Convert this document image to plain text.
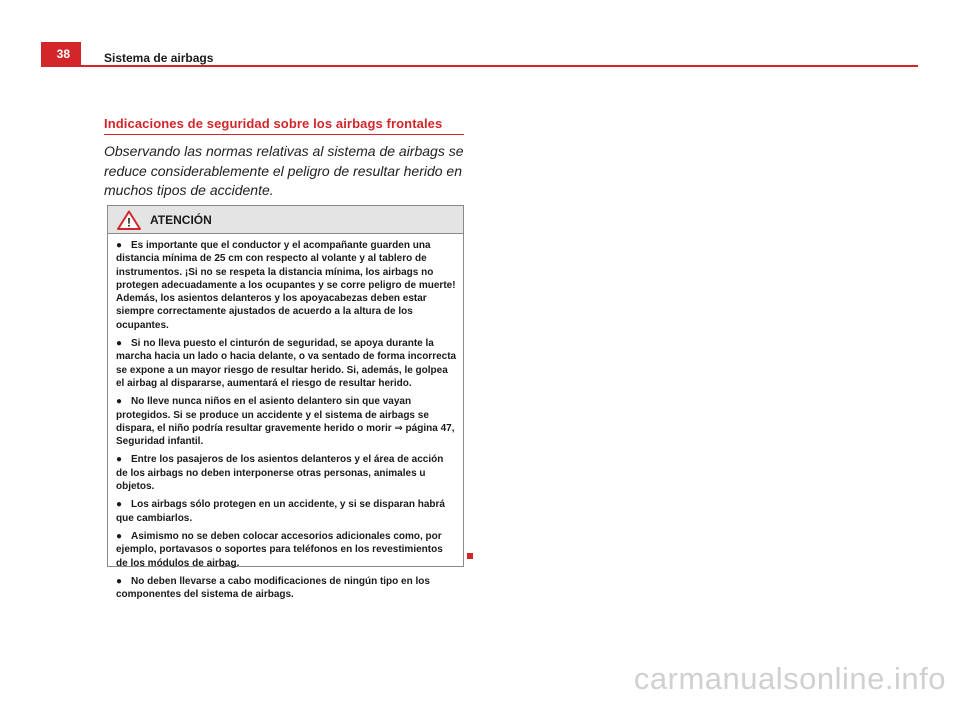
38	Sistema de airbags
Indicaciones de seguridad sobre los airbags frontales

Observando las normas relativas al sistema de airbags se reduce considerablemente el peligro de resultar herido en muchos tipos de accidente.

! ATENCIÓN

● Es importante que el conductor y el acompañante guarden una distancia mínima de 25 cm con respecto al volante y al tablero de instrumentos. ¡Si no se respeta la distancia mínima, los airbags no protegen adecuadamente a los ocupantes y se corre peligro de muerte! Además, los asientos delanteros y los apoyacabezas deben estar siempre correctamente ajustados de acuerdo a la altura de los ocupantes.

● Si no lleva puesto el cinturón de seguridad, se apoya durante la marcha hacia un lado o hacia delante, o va sentado de forma incorrecta se expone a un mayor riesgo de resultar herido. Si, además, le golpea el airbag al dispararse, aumentará el riesgo de resultar herido.

● No lleve nunca niños en el asiento delantero sin que vayan protegidos. Si se produce un accidente y el sistema de airbags se dispara, el niño podría resultar gravemente herido o morir ⇒ página 47, Seguridad infantil.

● Entre los pasajeros de los asientos delanteros y el área de acción de los airbags no deben interponerse otras personas, animales u objetos.

● Los airbags sólo protegen en un accidente, y si se disparan habrá que cambiarlos.

● Asimismo no se deben colocar accesorios adicionales como, por ejemplo, portavasos o soportes para teléfonos en los revestimientos de los módulos de airbag.

● No deben llevarse a cabo modificaciones de ningún tipo en los componentes del sistema de airbags.

carmanualsonline.info
